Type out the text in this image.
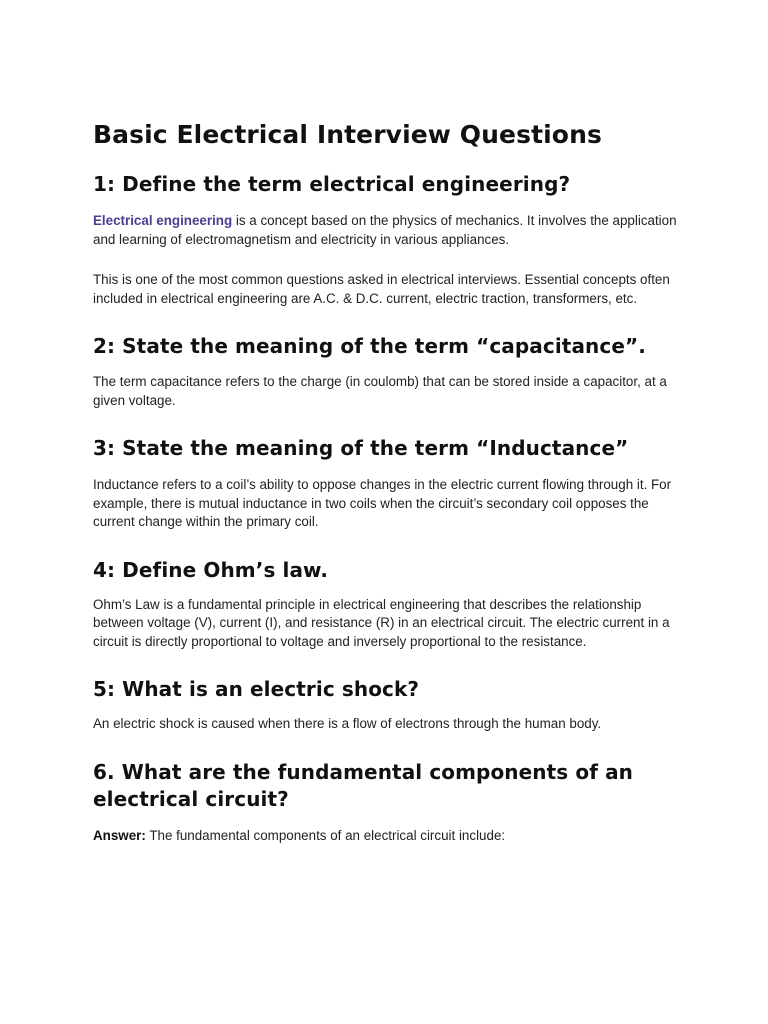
Basic Electrical Interview Questions
1: Define the term electrical engineering?

Electrical engineering is a concept based on the physics of mechanics. It involves the application and learning of electromagnetism and electricity in various appliances.

This is one of the most common questions asked in electrical interviews. Essential concepts often included in electrical engineering are A.C. & D.C. current, electric traction, transformers, etc.

2: State the meaning of the term “capacitance”.

The term capacitance refers to the charge (in coulomb) that can be stored inside a capacitor, at a given voltage.

3: State the meaning of the term “Inductance”

Inductance refers to a coil’s ability to oppose changes in the electric current flowing through it. For example, there is mutual inductance in two coils when the circuit’s secondary coil opposes the current change within the primary coil.

4: Define Ohm’s law.

Ohm’s Law is a fundamental principle in electrical engineering that describes the relationship between voltage (V), current (I), and resistance (R) in an electrical circuit. The electric current in a circuit is directly proportional to voltage and inversely proportional to the resistance.

5: What is an electric shock?

An electric shock is caused when there is a flow of electrons through the human body.

6. What are the fundamental components of an electrical circuit?

Answer: The fundamental components of an electrical circuit include:
